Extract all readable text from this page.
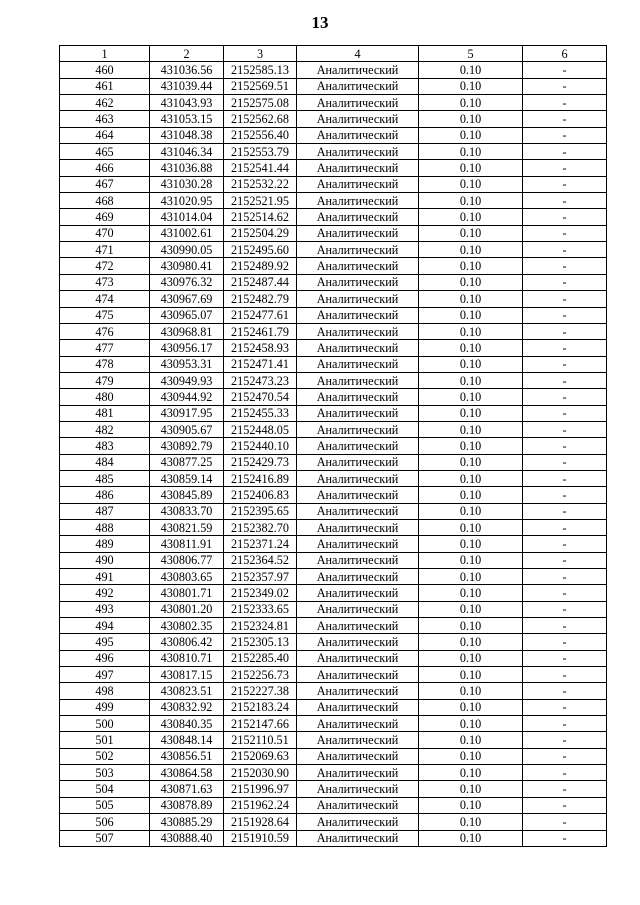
13
1	2	3	4	5	6
460	431036.56	2152585.13	Аналитический	0.10	-
461	431039.44	2152569.51	Аналитический	0.10	-
462	431043.93	2152575.08	Аналитический	0.10	-
463	431053.15	2152562.68	Аналитический	0.10	-
464	431048.38	2152556.40	Аналитический	0.10	-
465	431046.34	2152553.79	Аналитический	0.10	-
466	431036.88	2152541.44	Аналитический	0.10	-
467	431030.28	2152532.22	Аналитический	0.10	-
468	431020.95	2152521.95	Аналитический	0.10	-
469	431014.04	2152514.62	Аналитический	0.10	-
470	431002.61	2152504.29	Аналитический	0.10	-
471	430990.05	2152495.60	Аналитический	0.10	-
472	430980.41	2152489.92	Аналитический	0.10	-
473	430976.32	2152487.44	Аналитический	0.10	-
474	430967.69	2152482.79	Аналитический	0.10	-
475	430965.07	2152477.61	Аналитический	0.10	-
476	430968.81	2152461.79	Аналитический	0.10	-
477	430956.17	2152458.93	Аналитический	0.10	-
478	430953.31	2152471.41	Аналитический	0.10	-
479	430949.93	2152473.23	Аналитический	0.10	-
480	430944.92	2152470.54	Аналитический	0.10	-
481	430917.95	2152455.33	Аналитический	0.10	-
482	430905.67	2152448.05	Аналитический	0.10	-
483	430892.79	2152440.10	Аналитический	0.10	-
484	430877.25	2152429.73	Аналитический	0.10	-
485	430859.14	2152416.89	Аналитический	0.10	-
486	430845.89	2152406.83	Аналитический	0.10	-
487	430833.70	2152395.65	Аналитический	0.10	-
488	430821.59	2152382.70	Аналитический	0.10	-
489	430811.91	2152371.24	Аналитический	0.10	-
490	430806.77	2152364.52	Аналитический	0.10	-
491	430803.65	2152357.97	Аналитический	0.10	-
492	430801.71	2152349.02	Аналитический	0.10	-
493	430801.20	2152333.65	Аналитический	0.10	-
494	430802.35	2152324.81	Аналитический	0.10	-
495	430806.42	2152305.13	Аналитический	0.10	-
496	430810.71	2152285.40	Аналитический	0.10	-
497	430817.15	2152256.73	Аналитический	0.10	-
498	430823.51	2152227.38	Аналитический	0.10	-
499	430832.92	2152183.24	Аналитический	0.10	-
500	430840.35	2152147.66	Аналитический	0.10	-
501	430848.14	2152110.51	Аналитический	0.10	-
502	430856.51	2152069.63	Аналитический	0.10	-
503	430864.58	2152030.90	Аналитический	0.10	-
504	430871.63	2151996.97	Аналитический	0.10	-
505	430878.89	2151962.24	Аналитический	0.10	-
506	430885.29	2151928.64	Аналитический	0.10	-
507	430888.40	2151910.59	Аналитический	0.10	-
